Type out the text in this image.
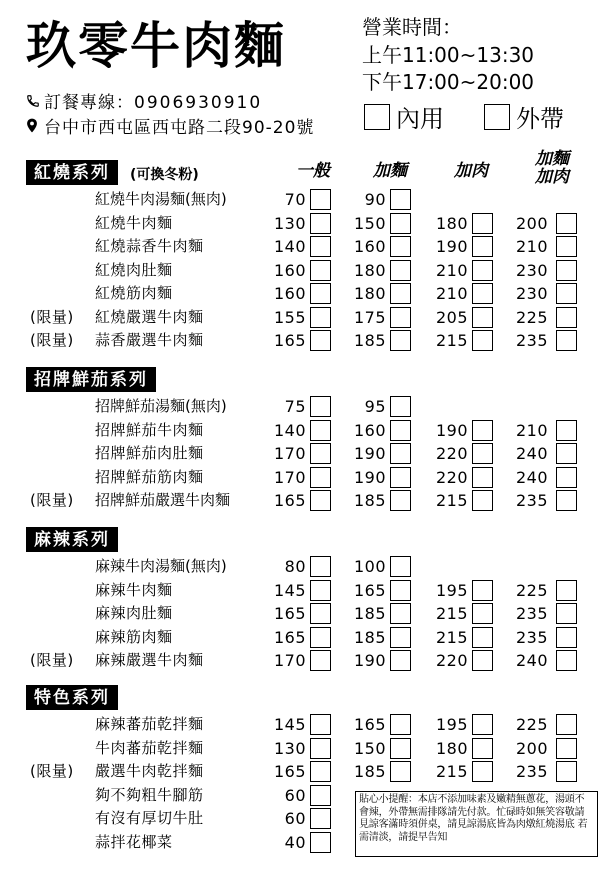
玖零牛肉麵
訂餐專線：0906930910
台中市西屯區西屯路二段90-20號
營業時間：
上午11:00~13:30
下午17:00~20:00
內用	外帶
一般	加麵	加肉
加麵
加肉
紅燒系列	(可換冬粉)
紅燒牛肉湯麵(無肉)	70	90
紅燒牛肉麵	130	150	180	200
紅燒蒜香牛肉麵	140	160	190	210
紅燒肉肚麵	160	180	210	230
紅燒筋肉麵	160	180	210	230
(限量) 紅燒嚴選牛肉麵	155	175	205	225
(限量) 蒜香嚴選牛肉麵	165	185	215	235
招牌鮮茄系列
招牌鮮茄湯麵(無肉)	75	95
招牌鮮茄牛肉麵	140	160	190	210
招牌鮮茄肉肚麵	170	190	220	240
招牌鮮茄筋肉麵	170	190	220	240
(限量) 招牌鮮茄嚴選牛肉麵	165	185	215	235
麻辣系列
麻辣牛肉湯麵(無肉)	80	100
麻辣牛肉麵	145	165	195	225
麻辣肉肚麵	165	185	215	235
麻辣筋肉麵	165	185	215	235
(限量) 麻辣嚴選牛肉麵	170	190	220	240
特色系列
麻辣蕃茄乾拌麵	145	165	195	225
牛肉蕃茄乾拌麵	130	150	180	200
(限量) 嚴選牛肉乾拌麵	165	185	215	235
夠不夠粗牛腳筋	60
有沒有厚切牛肚	60
蒜拌花椰菜	40
貼心小提醒：本店不添加味素及嫩精無蔥花，湯頭不會辣，外帶無需排隊請先付款。忙碌時如無笑容敬請見諒客滿時須併桌，請見諒湯底皆為肉燉紅燒湯底 若需清淡，請提早告知
